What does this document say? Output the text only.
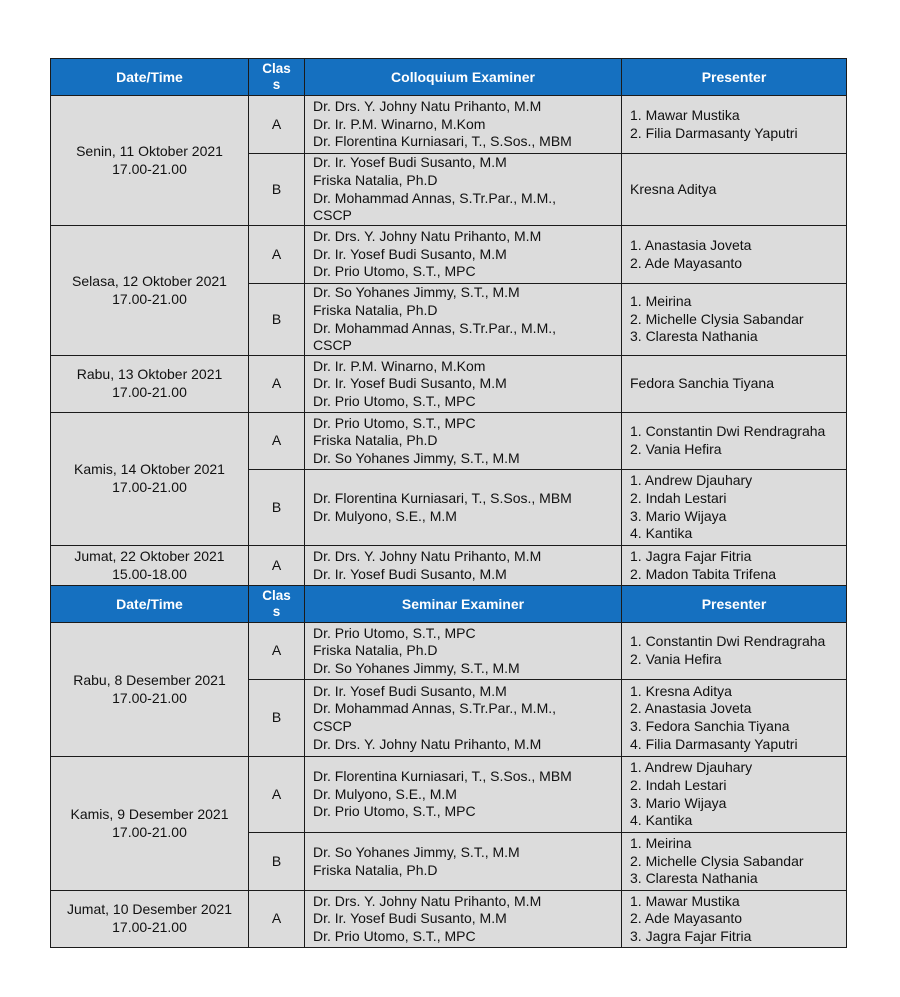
Date/Time	Clas s	Colloquium Examiner	Presenter

Senin, 11 Oktober 2021
17.00-21.00	A	Dr. Drs. Y. Johny Natu Prihanto, M.M
Dr. Ir. P.M. Winarno, M.Kom
Dr. Florentina Kurniasari, T., S.Sos., MBM	1. Mawar Mustika
2. Filia Darmasanty Yaputri

	B	Dr. Ir. Yosef Budi Susanto, M.M
Friska Natalia, Ph.D
Dr. Mohammad Annas, S.Tr.Par., M.M., CSCP	Kresna Aditya

Selasa, 12 Oktober 2021
17.00-21.00	A	Dr. Drs. Y. Johny Natu Prihanto, M.M
Dr. Ir. Yosef Budi Susanto, M.M
Dr. Prio Utomo, S.T., MPC	1. Anastasia Joveta
2. Ade Mayasanto

	B	Dr. So Yohanes Jimmy, S.T., M.M
Friska Natalia, Ph.D
Dr. Mohammad Annas, S.Tr.Par., M.M., CSCP	1. Meirina
2. Michelle Clysia Sabandar
3. Claresta Nathania

Rabu, 13 Oktober 2021
17.00-21.00	A	Dr. Ir. P.M. Winarno, M.Kom
Dr. Ir. Yosef Budi Susanto, M.M
Dr. Prio Utomo, S.T., MPC	Fedora Sanchia Tiyana

Kamis, 14 Oktober 2021
17.00-21.00	A	Dr. Prio Utomo, S.T., MPC
Friska Natalia, Ph.D
Dr. So Yohanes Jimmy, S.T., M.M	1. Constantin Dwi Rendragraha
2. Vania Hefira

	B	Dr. Florentina Kurniasari, T., S.Sos., MBM
Dr. Mulyono, S.E., M.M	1. Andrew Djauhary
2. Indah Lestari
3. Mario Wijaya
4. Kantika

Jumat, 22 Oktober 2021
15.00-18.00	A	Dr. Drs. Y. Johny Natu Prihanto, M.M
Dr. Ir. Yosef Budi Susanto, M.M	1. Jagra Fajar Fitria
2. Madon Tabita Trifena

Date/Time	Clas s	Seminar Examiner	Presenter

Rabu, 8 Desember 2021
17.00-21.00	A	Dr. Prio Utomo, S.T., MPC
Friska Natalia, Ph.D
Dr. So Yohanes Jimmy, S.T., M.M	1. Constantin Dwi Rendragraha
2. Vania Hefira

	B	Dr. Ir. Yosef Budi Susanto, M.M
Dr. Mohammad Annas, S.Tr.Par., M.M., CSCP
Dr. Drs. Y. Johny Natu Prihanto, M.M	1. Kresna Aditya
2. Anastasia Joveta
3. Fedora Sanchia Tiyana
4. Filia Darmasanty Yaputri

Kamis, 9 Desember 2021
17.00-21.00	A	Dr. Florentina Kurniasari, T., S.Sos., MBM
Dr. Mulyono, S.E., M.M
Dr. Prio Utomo, S.T., MPC	1. Andrew Djauhary
2. Indah Lestari
3. Mario Wijaya
4. Kantika

	B	Dr. So Yohanes Jimmy, S.T., M.M
Friska Natalia, Ph.D	1. Meirina
2. Michelle Clysia Sabandar
3. Claresta Nathania

Jumat, 10 Desember 2021
17.00-21.00	A	Dr. Drs. Y. Johny Natu Prihanto, M.M
Dr. Ir. Yosef Budi Susanto, M.M
Dr. Prio Utomo, S.T., MPC	1. Mawar Mustika
2. Ade Mayasanto
3. Jagra Fajar Fitria
